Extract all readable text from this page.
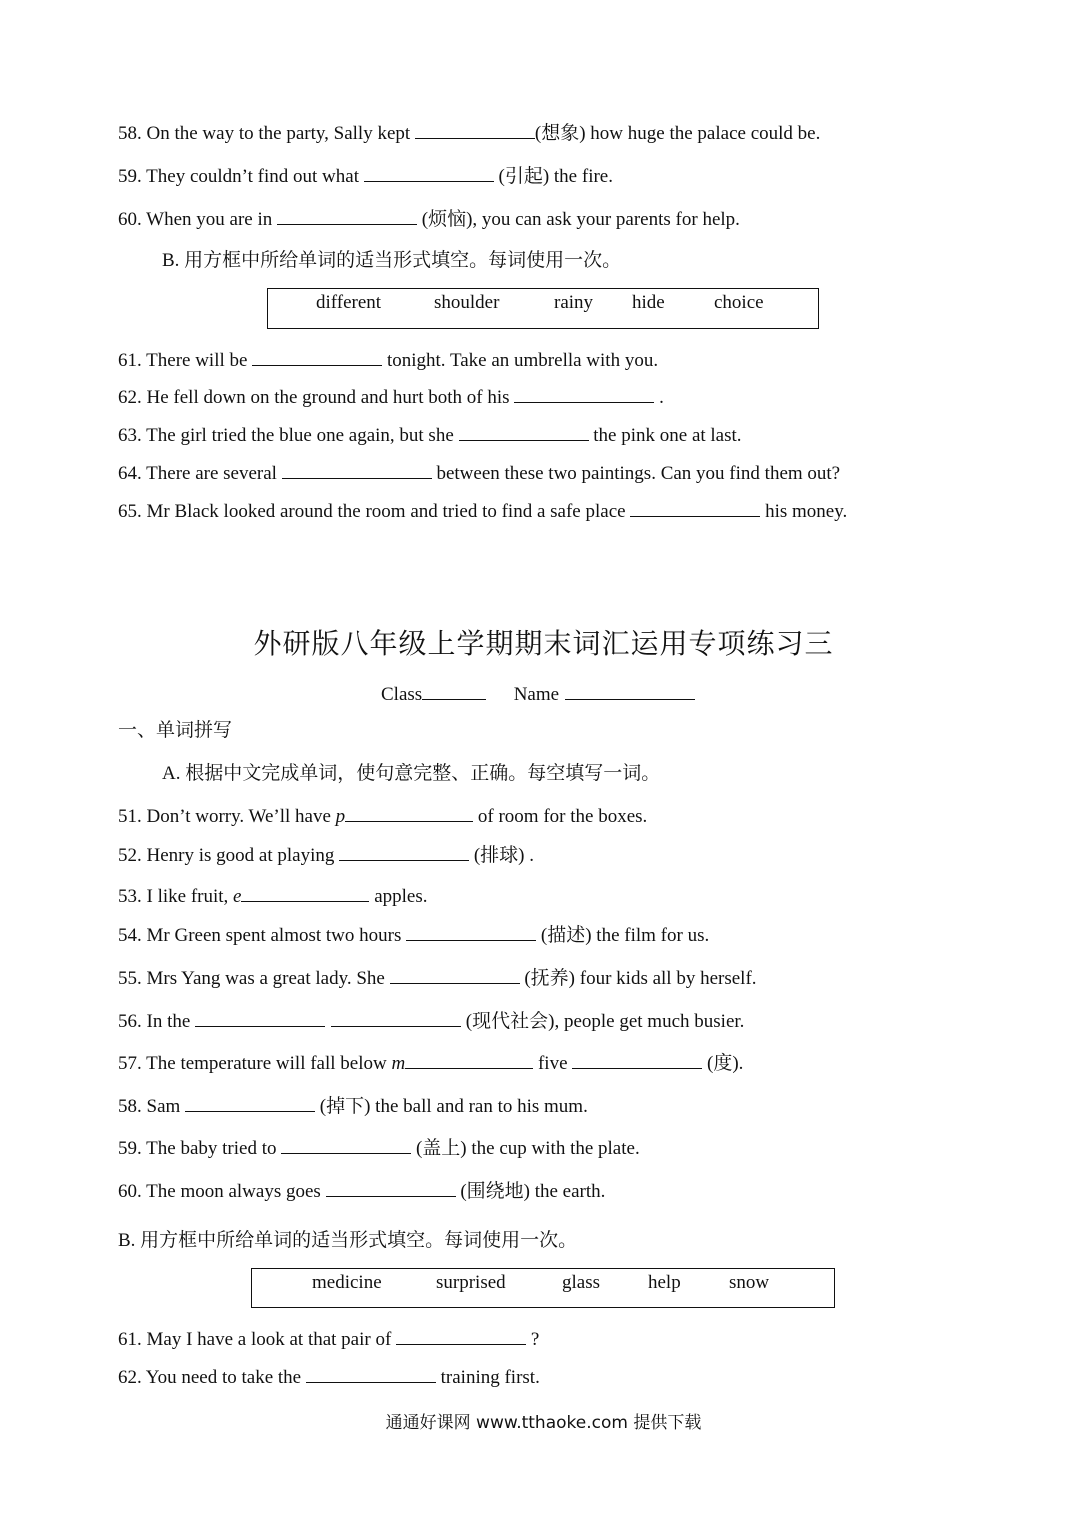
58. On the way to the party, Sally kept	(想象) how huge the palace could be.
59. They couldn’t find out what	(引起) the fire.
60. When you are in	(烦恼), you can ask your parents for help.
B. 用方框中所给单词的适当形式填空。每词使用一次。
different	shoulder	rainy hide	choice
61. There will be	tonight. Take an umbrella with you.
62. He fell down on the ground and hurt both of his	.
63. The girl tried the blue one again, but she	the pink one at last.
64. There are several	between these two paintings. Can you find them out?
65. Mr Black looked around the room and tried to find a safe place	his money.
外研版八年级上学期期末词汇运用专项练习三
Class	Name
一、单词拼写
A. 根据中文完成单词，使句意完整、正确。每空填写一词。
51. Don’t worry. We’ll have p	of room for the boxes.
52. Henry is good at playing	(排球) .
53. I like fruit, e	apples.
54. Mr Green spent almost two hours	(描述) the film for us.
55. Mrs Yang was a great lady. She	(抚养) four kids all by herself.
56. In the	(现代社会), people get much busier.
57. The temperature will fall below m	five	(度).
58. Sam	(掉下) the ball and ran to his mum.
59. The baby tried to	(盖上) the cup with the plate.
60. The moon always goes	(围绕地) the earth.
B. 用方框中所给单词的适当形式填空。每词使用一次。
medicine	surprised	glass	help	snow
61. May I have a look at that pair of	?
62. You need to take the	training first.
通通好课网 www.tthaoke.com 提供下载
